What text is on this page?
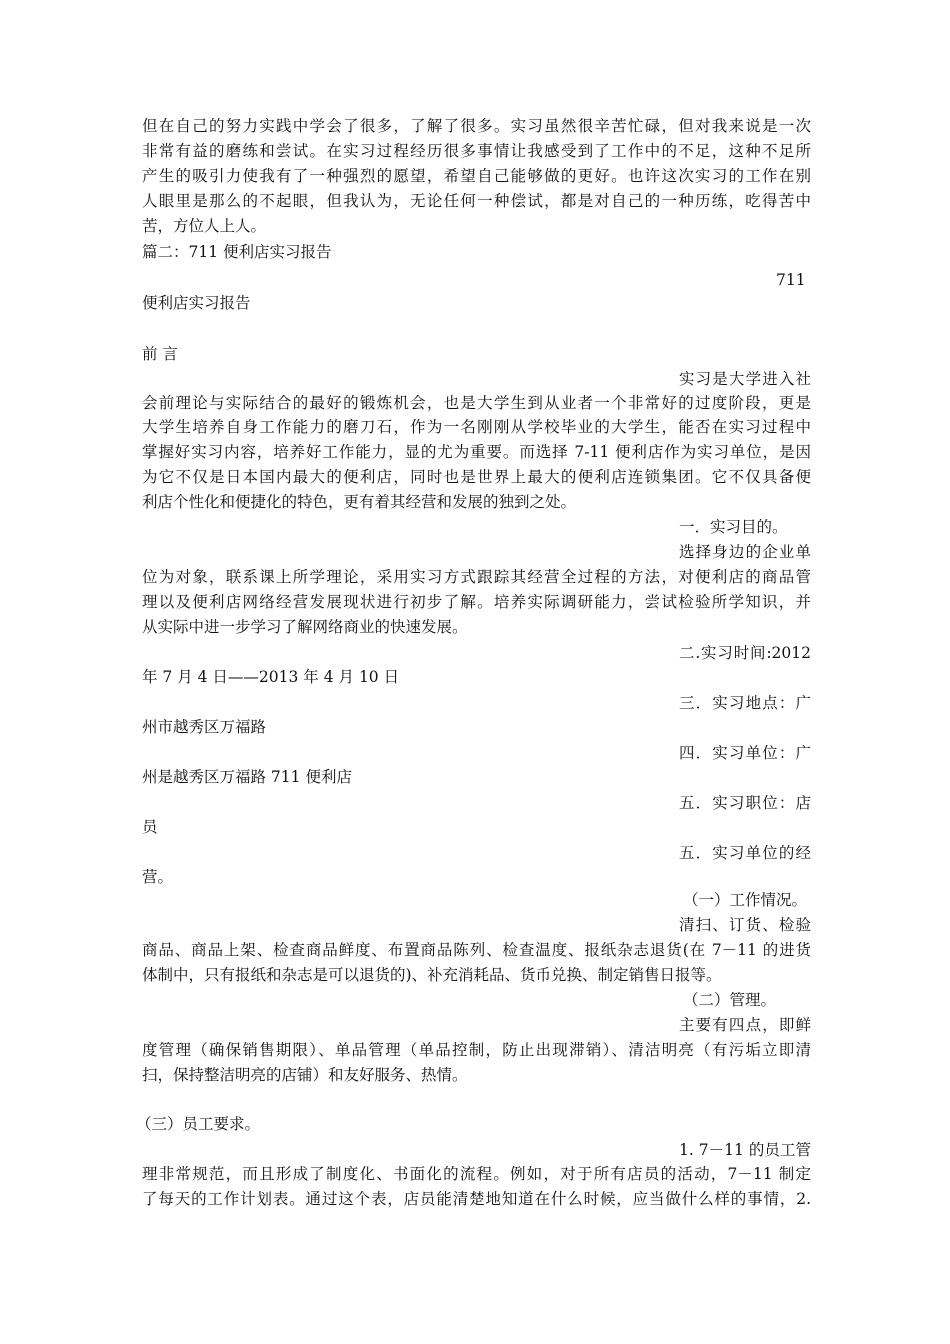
但在自己的努力实践中学会了很多，了解了很多。实习虽然很辛苦忙碌，但对我来说是一次
非常有益的磨练和尝试。在实习过程经历很多事情让我感受到了工作中的不足，这种不足所
产生的吸引力使我有了一种强烈的愿望，希望自己能够做的更好。也许这次实习的工作在别
人眼里是那么的不起眼，但我认为，无论任何一种偿试，都是对自己的一种历练，吃得苦中
苦，方位人上人。
篇二：711 便利店实习报告
711
便利店实习报告
前 言
实习是大学进入社
会前理论与实际结合的最好的锻炼机会，也是大学生到从业者一个非常好的过度阶段，更是
大学生培养自身工作能力的磨刀石，作为一名刚刚从学校毕业的大学生，能否在实习过程中
掌握好实习内容，培养好工作能力，显的尤为重要。而选择 7-11 便利店作为实习单位，是因
为它不仅是日本国内最大的便利店，同时也是世界上最大的便利店连锁集团。它不仅具备便
利店个性化和便捷化的特色，更有着其经营和发展的独到之处。
一．实习目的。
选择身边的企业单
位为对象，联系课上所学理论，采用实习方式跟踪其经营全过程的方法，对便利店的商品管
理以及便利店网络经营发展现状进行初步了解。培养实际调研能力，尝试检验所学知识，并
从实际中进一步学习了解网络商业的快速发展。
二.实习时间:2012
年 7 月 4 日——2013 年 4 月 10 日
三．实习地点：广
州市越秀区万福路
四．实习单位：广
州是越秀区万福路 711 便利店
五．实习职位：店
员
五．实习单位的经
营。
（一）工作情况。
清扫、订货、检验
商品、商品上架、检查商品鲜度、布置商品陈列、检查温度、报纸杂志退货(在 7－11 的进货
体制中，只有报纸和杂志是可以退货的)、补充消耗品、货币兑换、制定销售日报等。
（二）管理。
主要有四点，即鲜
度管理（确保销售期限）、单品管理（单品控制，防止出现滞销）、清洁明亮（有污垢立即清
扫，保持整洁明亮的店铺）和友好服务、热情。
（三）员工要求。
1. 7－11 的员工管
理非常规范，而且形成了制度化、书面化的流程。例如，对于所有店员的活动，7－11 制定
了每天的工作计划表。通过这个表，店员能清楚地知道在什么时候，应当做什么样的事情，2.
